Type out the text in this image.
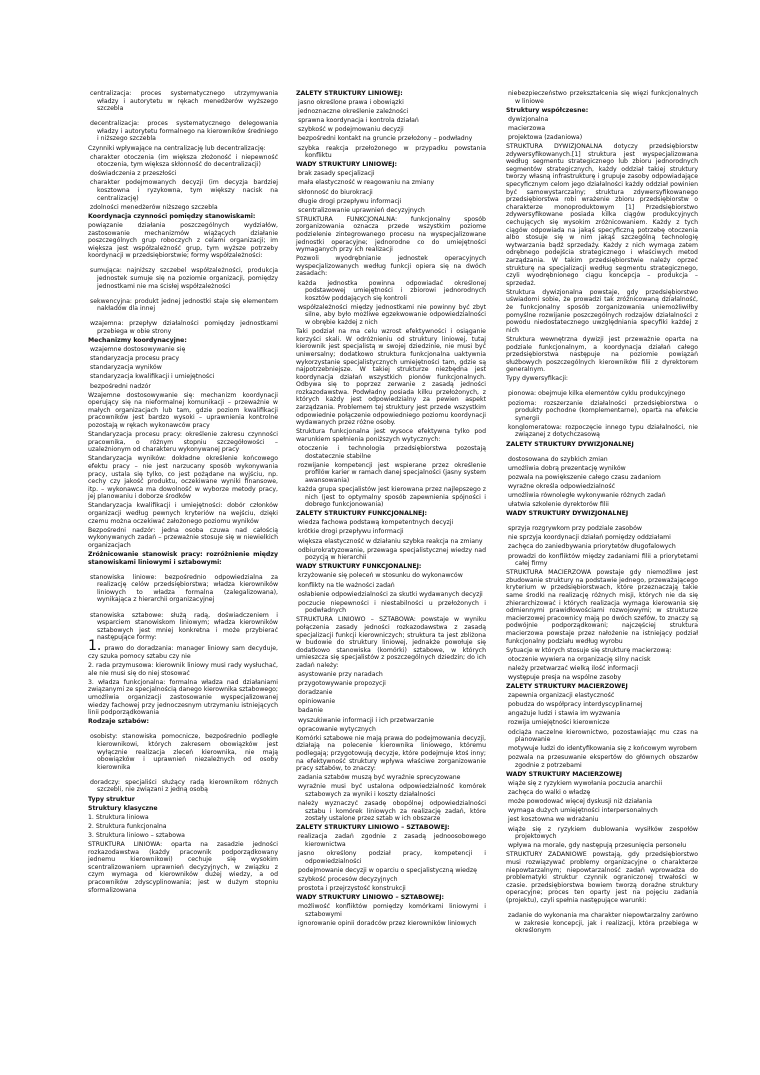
centralizacja: proces systematycznego utrzymywania władzy i autorytetu w rękach menedżerów wyższego szczebla
decentralizacja: proces systematycznego delegowania władzy i autorytetu formalnego na kierowników średniego i niższego szczebla
Czynniki wpływające na centralizację lub decentralizację:
charakter otoczenia (im większa złożoność i niepewność otoczenia, tym większa skłonność do decentralizacji)
doświadczenia z przeszłości
charakter podejmowanych decyzji (im decyzja bardziej kosztowna i ryzykowna, tym większy nacisk na centralizację)
zdolności menedżerów niższego szczebla
Koordynacja czynności pomiędzy stanowiskami:
powiązanie działania poszczególnych wydziałów, zastosowanie mechanizmów wiążących działanie poszczególnych grup roboczych z celami organizacji; im większa jest współzależność grup, tym wyższe potrzeby koordynacji w przedsiębiorstwie; formy współzależności:
sumująca: najniższy szczebel współzależności, produkcja jednostek sumuje się na poziomie organizacji, pomiędzy jednostkami nie ma ścisłej współzależności
sekwencyjna: produkt jednej jednostki staje się elementem nakładów dla innej
wzajemna: przepływ działalności pomiędzy jednostkami przebiega w obie strony
Mechanizmy koordynacyjne:
wzajemne dostosowywanie się
standaryzacja procesu pracy
standaryzacja wyników
standaryzacja kwalifikacji i umiejętności
bezpośredni nadzór
Wzajemne dostosowywanie się: mechanizm koordynacji operujący się na nieformalnej komunikacji – przeważnie w małych organizacjach lub tam, gdzie poziom kwalifikacji pracowników jest bardzo wysoki – uprawnienia kontrolne pozostają w rękach wykonawców pracy
Standaryzacja procesu pracy: określenie zakresu czynności pracownika, o różnym stopniu szczegółowości – uzależnionym od charakteru wykonywanej pracy
Standaryzacja wyników: dokładne określenie końcowego efektu pracy – nie jest narzucany sposób wykonywania pracy, ustala się tylko, co jest pożądane na wyjściu, np. cechy czy jakość produktu, oczekiwane wyniki finansowe, itp. – wykonawca ma dowolność w wyborze metody pracy, jej planowaniu i doborze środków
Standaryzacja kwalifikacji i umiejętności: dobór członków organizacji według pewnych kryteriów na wejściu, dzięki czemu można oczekiwać założonego poziomu wyników
Bezpośredni nadzór: jedna osoba czuwa nad całością wykonywanych zadań – przeważnie stosuje się w niewielkich organizacjach
Zróżnicowanie stanowisk pracy: rozróżnienie między stanowiskami liniowymi i sztabowymi:
stanowiska liniowe: bezpośrednio odpowiedzialna za realizację celów przedsiębiorstwa; władza kierowników liniowych to władza formalna (zalegalizowana), wynikająca z hierarchii organizacyjnej
stanowiska sztabowe: służą radą, doświadczeniem i wsparciem stanowiskom liniowym; władza kierowników sztabowych jest mniej konkretna i może przybierać następujące formy:
1. prawo do doradzania: manager liniowy sam decyduje, czy szuka pomocy sztabu czy nie
2. rada przymusowa: kierownik liniowy musi rady wysłuchać, ale nie musi się do niej stosować
3. władza funkcjonalna: formalna władza nad działaniami związanymi ze specjalnością danego kierownika sztabowego; umożliwia organizacji zastosowanie wyspecjalizowanej wiedzy fachowej przy jednoczesnym utrzymaniu istniejących linii podporządkowania
Rodzaje sztabów:
osobisty: stanowiska pomocnicze, bezpośrednio podległe kierownikowi, których zakresem obowiązków jest wyłącznie realizacja zleceń kierownika, nie mają obowiązków i uprawnień niezależnych od osoby kierownika
doradczy: specjaliści służący radą kierownikom różnych szczebli, nie związani z jedną osobą
Typy struktur
Struktury klasyczne
1. Struktura liniowa
2. Struktura funkcjonalna
3. Struktura liniowo – sztabowa
STRUKTURA LINIOWA: oparta na zasadzie jedności rozkazodawstwa (każdy pracownik podporządkowany jednemu kierownikowi) cechuje się wysokim scentralizowaniem uprawnień decyzyjnych, w związku z czym wymaga od kierowników dużej wiedzy, a od pracowników zdyscyplinowania; jest w dużym stopniu sformalizowana
ZALETY STRUKTURY LINIOWEJ:
jasno określone prawa i obowiązki
jednoznaczne określenie zależności
sprawna koordynacja i kontrola działań
szybkość w podejmowaniu decyzji
bezpośredni kontakt na gruncie przełożony – podwładny
szybka reakcja przełożonego w przypadku powstania konfliktu
WADY STRUKTURY LINIOWEJ:
brak zasady specjalizacji
mała elastyczność w reagowaniu na zmiany
skłonność do biurokracji
długie drogi przepływu informacji
scentralizowanie uprawnień decyzyjnych
STRUKTURA FUNKCJONALNA: funkcjonalny sposób zorganizowania oznacza przede wszystkim poziome podzielenie zintegrowanego procesu na wyspecjalizowane jednostki operacyjne; jednorodne co do umiejętności wymaganych przy ich realizacji
Pozwoli wyodrębnianie jednostek operacyjnych wyspecjalizowanych według funkcji opiera się na dwóch zasadach:
każda jednostka powinna odpowiadać określonej podstawowej umiejętności i zbiorowi jednorodnych kosztów poddających się kontroli
współzależności między jednostkami nie powinny być zbyt silne, aby było możliwe egzekwowanie odpowiedzialności w obrębie każdej z nich
Taki podział na ma celu wzrost efektywności i osiąganie korzyści skali. W odróżnieniu od struktury liniowej, tutaj kierownik jest specjalistą w swojej dziedzinie, nie musi być uniwersalny; dodatkowo struktura funkcjonalna uaktywnia wykorzystanie specjalistycznych umiejętności tam, gdzie są najpotrzebniejsze. W takiej strukturze niezbędna jest koordynacja działań wszystkich pionów funkcjonalnych. Odbywa się to poprzez zerwanie z zasadą jedności rozkazodawstwa. Podwładny posiada kilku przełożonych, z których każdy jest odpowiedzialny za pewien aspekt zarządzania. Problemem tej struktury jest przede wszystkim odpowiednie połączenie odpowiedniego poziomu koordynacji wydawanych przez różne osoby.
Struktura funkcjonalna jest wysoce efektywna tylko pod warunkiem spełnienia poniższych wytycznych:
otoczenie i technologia przedsiębiorstwa pozostają dostatecznie stabilne
rozwijanie kompetencji jest wspierane przez określenie profilów karier w ramach danej specjalności (jasny system awansowania)
każda grupa specjalistów jest kierowana przez najlepszego z nich (jest to optymalny sposób zapewnienia spójności i dobrego funkcjonowania)
ZALETY STRUKTURY FUNKCJONALNEJ:
wiedza fachowa podstawą kompetentnych decyzji
krótkie drogi przepływu informacji
większa elastyczność w działaniu szybka reakcja na zmiany
odbiurokratyzowanie, przewaga specjalistycznej wiedzy nad pozycją w hierarchii
WADY STRUKTURY FUNKCJONALNEJ:
krzyżowanie się poleceń w stosunku do wykonawców
konflikty na tle ważności zadań
osłabienie odpowiedzialności za skutki wydawanych decyzji
poczucie niepewności i niestabilności u przełożonych i podwładnych
STRUKTURA LINIOWO – SZTABOWA: powstaje w wyniku połączenia zasady jedności rozkazodawstwa z zasadą specjalizacji funkcji kierowniczych; struktura ta jest zbliżona w budowie do struktury liniowej, jednakże powołuje się dodatkowo stanowiska (komórki) sztabowe, w których umieszcza się specjalistów z poszczególnych dziedzin; do ich zadań należy:
asystowanie przy naradach
przygotowywanie propozycji
doradzanie
opiniowanie
badanie
wyszukiwanie informacji i ich przetwarzanie
opracowanie wytycznych
Komórki sztabowe nie mają prawa do podejmowania decyzji, działają na polecenie kierownika liniowego, któremu podlegają; przygotowują decyzje, które podejmuje ktoś inny; na efektywność struktury wpływa właściwe zorganizowanie pracy sztabów, to znaczy:
zadania sztabów muszą być wyraźnie sprecyzowane
wyraźnie musi być ustalona odpowiedzialność komórek sztabowych za wyniki i koszty działalności
należy wyznaczyć zasadę obopólnej odpowiedzialności sztabu i komórek liniowych za realizację zadań, które zostały ustalone przez sztab w ich obszarze
ZALETY STRUKTURY LINIOWO – SZTABOWEJ:
realizacja zadań zgodnie z zasadą jednoosobowego kierownictwa
jasno określony podział pracy, kompetencji i odpowiedzialności
podejmowanie decyzji w oparciu o specjalistyczną wiedzę
szybkość procesów decyzyjnych
prostota i przejrzystość konstrukcji
WADY STRUKTURY LINIOWO – SZTABOWEJ:
możliwość konfliktów pomiędzy komórkami liniowymi i sztabowymi
ignorowanie opinii doradców przez kierowników liniowych
niebezpieczeństwo przekształcenia się więzi funkcjonalnych w liniowe
Struktury współczesne:
dywizjonalna
macierzowa
projektowa (zadaniowa)
STRUKTURA DYWIZJONALNA dotyczy przedsiębiorstw zdywersyfikowanych.[1] struktura jest wyspecjalizowana według segmentu strategicznego lub zbioru jednorodnych segmentów strategicznych, każdy oddział takiej struktury tworzy własną infrastrukturę i grupuje zasoby odpowiadające specyficznym celom jego działalności każdy oddział powinien być samowystarczalny; struktura zdywersyfikowanego przedsiębiorstwa robi wrażenie zbioru przedsiębiorstw o charakterze monoproduktowym [1] Przedsiębiorstwo zdywersyfikowane posiada kilka ciągów produkcyjnych cechujących się wysokim zróżnicowaniem. Każdy z tych ciągów odpowiada na jakąś specyficzną potrzebę otoczenia albo stosuje się w nim jakąś szczególną technologię wytwarzania bądź sprzedaży. Każdy z nich wymaga zatem odrębnego podejścia strategicznego i właściwych metod zarządzania. W takim przedsiębiorstwie należy oprzeć strukturę na specjalizacji według segmentu strategicznego, czyli wyodrębnionego ciągu koncepcja – produkcja – sprzedaż.
Struktura dywizjonalna powstaje, gdy przedsiębiorstwo uświadomi sobie, że prowadzi tak zróżnicowaną działalność, że funkcjonalny sposób zorganizowania uniemożliwiłby pomyślne rozwijanie poszczególnych rodzajów działalności z powodu niedostatecznego uwzględniania specyfiki każdej z nich
Struktura wewnętrzna dywizji jest przeważnie oparta na podziale funkcjonalnym, a koordynacja działań całego przedsiębiorstwa następuje na poziomie powiązań służbowych poszczególnych kierowników filii z dyrektorem generalnym.
Typy dywersyfikacji:
pionowa: obejmuje kilka elementów cyklu produkcyjnego
pozioma: rozszerzanie działalności przedsiębiorstwa o produkty pochodne (komplementarne), oparta na efekcie synergii
konglomeratowa: rozpoczęcie innego typu działalności, nie związanej z dotychczasową
ZALETY STRUKTURY DYWIZJONALNEJ
dostosowana do szybkich zmian
umożliwia dobrą prezentację wyników
pozwala na powiększenie całego czasu zadaniom
wyraźne określa odpowiedzialność
umożliwia równoległe wykonywanie różnych zadań
ułatwia szkolenie dyrektorów filii
WADY STRUKTURY DYWIZJONALNEJ
sprzyja rozgrywkom przy podziale zasobów
nie sprzyja koordynacji działań pomiędzy oddziałami
zachęca do zaniedbywania priorytetów długofalowych
prowadzi do konfliktów między zadaniami filii a priorytetami całej firmy
STRUKTURA MACIERZOWA powstaje gdy niemożliwe jest zbudowanie struktury na podstawie jednego, przeważającego kryterium w przedsiębiorstwach, które przeznaczają takie same środki na realizację różnych misji, których nie da się zhierarchizować i których realizacja wymaga kierowania się odmiennymi prawidłowościami rozwojowymi; w strukturze macierzowej pracownicy mają po dwóch szefów, to znaczy są podwójnie podporządkowani; najczęściej struktura macierzowa powstaje przez nałożenie na istniejący podział funkcjonalny podziału według wyrobu
Sytuacje w których stosuje się strukturę macierzową:
otoczenie wywiera na organizację silny nacisk
należy przetwarzać wielką ilość informacji
występuje presja na wspólne zasoby
ZALETY STRUKTURY MACIERZOWEJ
zapewnia organizacji elastyczność
pobudza do współpracy interdyscyplinarnej
angażuje ludzi i stawia im wyzwania
rozwija umiejętności kierownicze
odciąża naczelne kierownictwo, pozostawiając mu czas na planowanie
motywuje ludzi do identyfikowania się z końcowym wyrobem
pozwala na przesuwanie ekspertów do głównych obszarów zgodnie z potrzebami
WADY STRUKTURY MACIERZOWEJ
wiąże się z ryzykiem wywołania poczucia anarchii
zachęca do walki o władzę
może powodować więcej dyskusji niż działania
wymaga dużych umiejętności interpersonalnych
jest kosztowna we wdrażaniu
wiąże się z ryzykiem dublowania wysiłków zespołów projektowych
wpływa na morale, gdy następują przesunięcia personelu
STRUKTURY ZADANIOWE powstają, gdy przedsiębiorstwo musi rozwiązywać problemy organizacyjne o charakterze niepowtarzalnym; niepowtarzalność zadań wprowadza do problematyki struktur czynnik ograniczonej trwałości w czasie. przedsiębiorstwa bowiem tworzą doraźne struktury operacyjne; proces ten oparty jest na pojęciu zadania (projektu), czyli spełnia następujące warunki:
zadanie do wykonania ma charakter niepowtarzalny zarówno w zakresie koncepcji, jak i realizacji, która przebiega w określonym
